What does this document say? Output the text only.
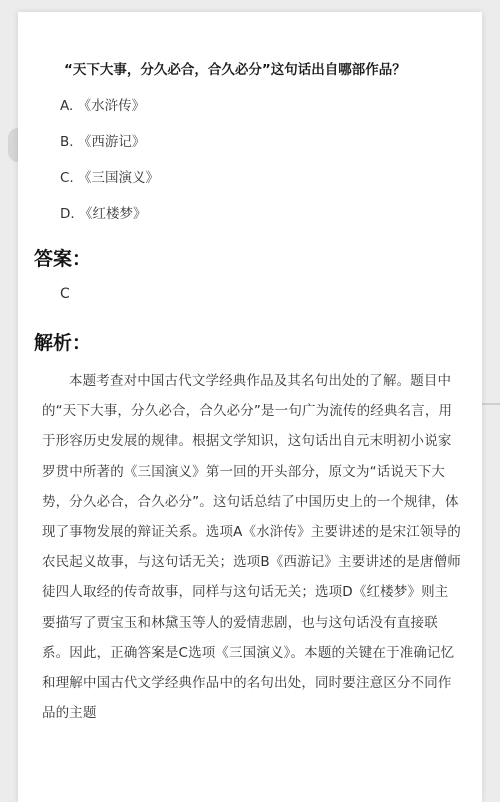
“天下大事，分久必合，合久必分”这句话出自哪部作品？
A. 《水浒传》
B. 《西游记》
C. 《三国演义》
D. 《红楼梦》
答案：
C
解析：

本题考查对中国古代文学经典作品及其名句出处的了解。题目中的“天下大事，分久必合，合久必分”是一句广为流传的经典名言，用于形容历史发展的规律。根据文学知识，这句话出自元末明初小说家罗贯中所著的《三国演义》第一回的开头部分，原文为“话说天下大势，分久必合，合久必分”。这句话总结了中国历史上的一个规律，体现了事物发展的辩证关系。选项A《水浒传》主要讲述的是宋江领导的农民起义故事，与这句话无关；选项B《西游记》主要讲述的是唐僧师徒四人取经的传奇故事，同样与这句话无关；选项D《红楼梦》则主要描写了贾宝玉和林黛玉等人的爱情悲剧，也与这句话没有直接联系。因此，正确答案是C选项《三国演义》。本题的关键在于准确记忆和理解中国古代文学经典作品中的名句出处，同时要注意区分不同作品的主题
